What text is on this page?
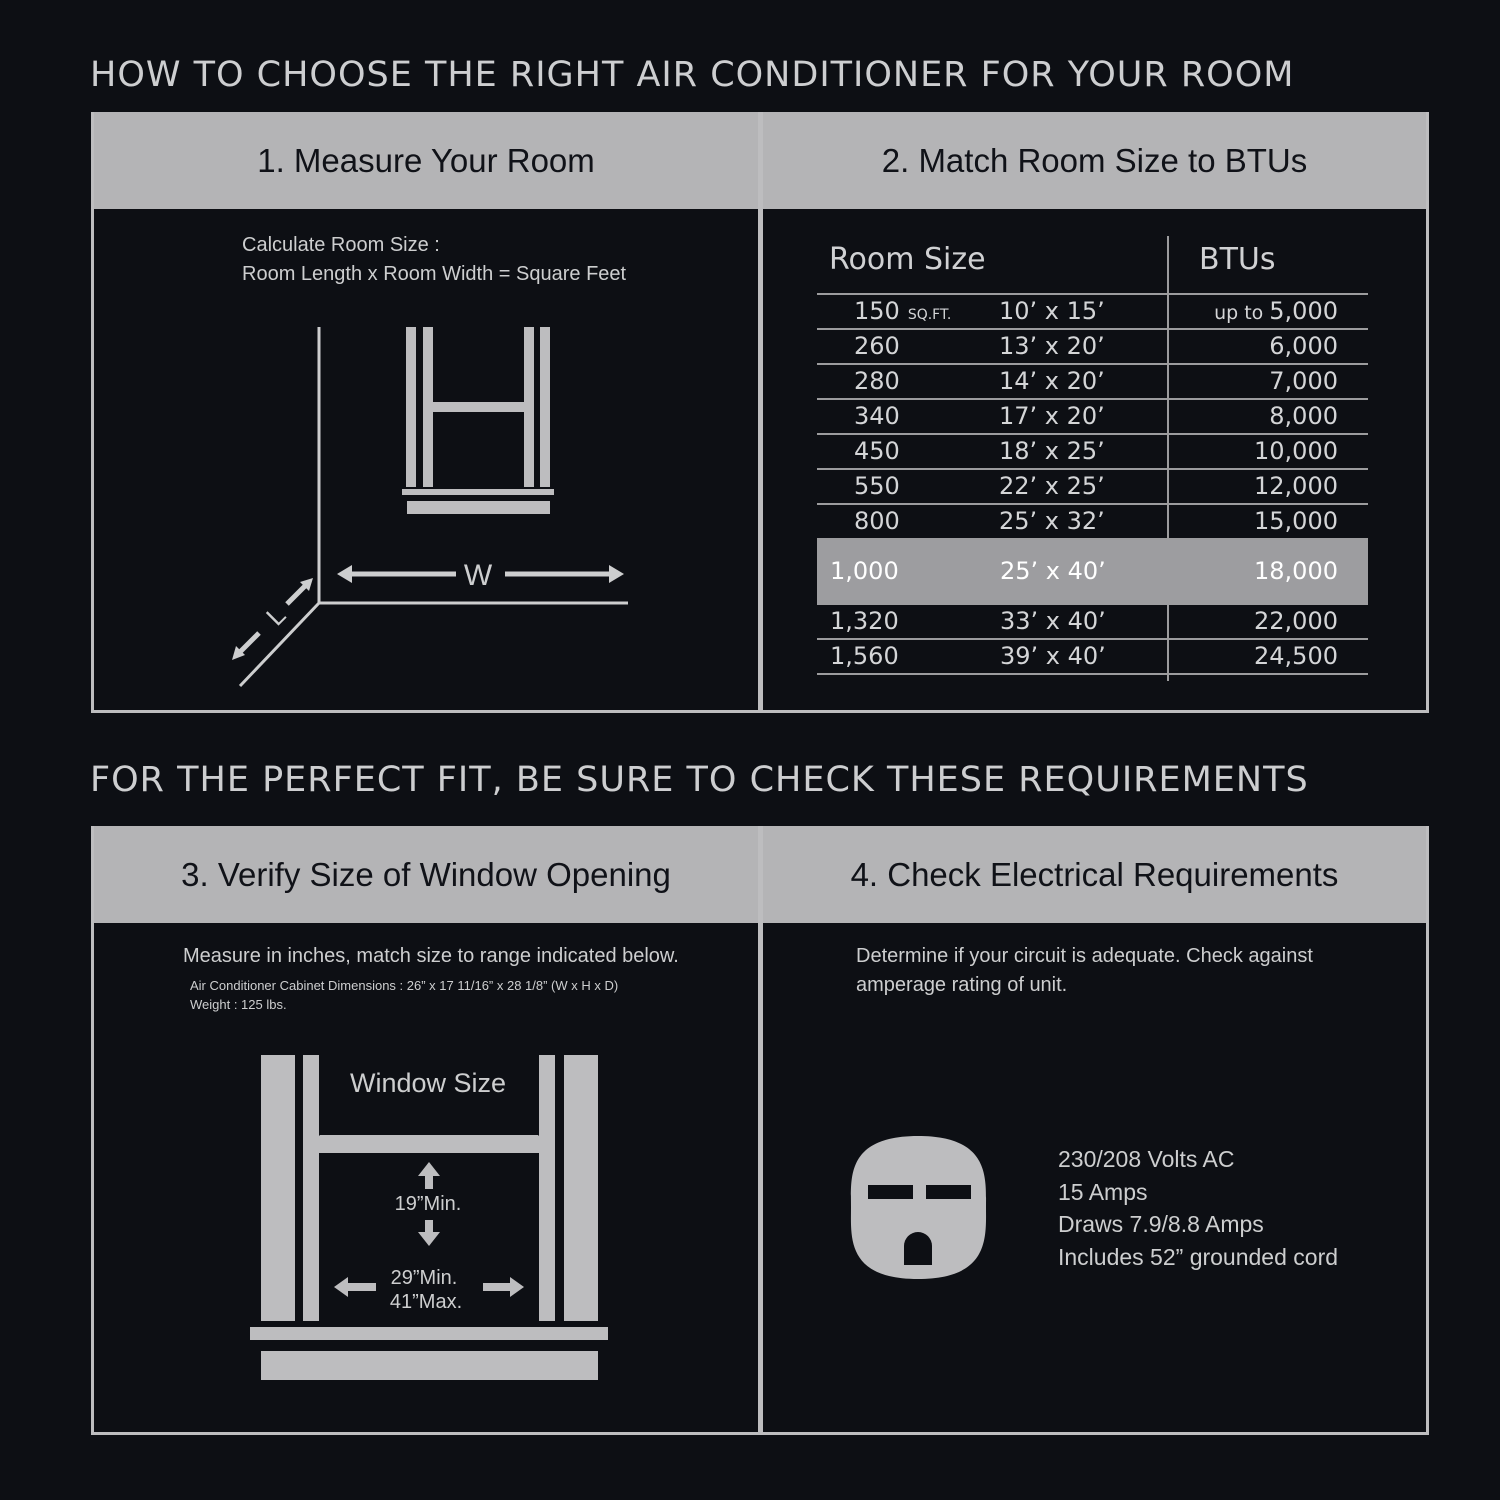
HOW TO CHOOSE THE RIGHT AIR CONDITIONER FOR YOUR ROOM
1. Measure Your Room
Calculate Room Size :
Room Length x Room Width = Square Feet
W
L
2. Match Room Size to BTUs
Room Size	BTUs
150 SQ.FT. 10’ x 15’	up to 5,000
260	13’ x 20’	6,000
280	14’ x 20’	7,000
340	17’ x 20’	8,000
450	18’ x 25’	10,000
550	22’ x 25’	12,000
800	25’ x 32’	15,000
1,000	25’ x 40’	18,000
1,320	33’ x 40’	22,000
1,560	39’ x 40’	24,500
FOR THE PERFECT FIT, BE SURE TO CHECK THESE REQUIREMENTS
3. Verify Size of Window Opening
Measure in inches, match size to range indicated below.
Air Conditioner Cabinet Dimensions : 26” x 17 11/16” x 28 1/8” (W x H x D)
Weight : 125 lbs.
Window Size
19”Min.
29”Min.
41”Max.
4. Check Electrical Requirements
Determine if your circuit is adequate. Check against
amperage rating of unit.
230/208 Volts AC
15 Amps
Draws 7.9/8.8 Amps
Includes 52” grounded cord
